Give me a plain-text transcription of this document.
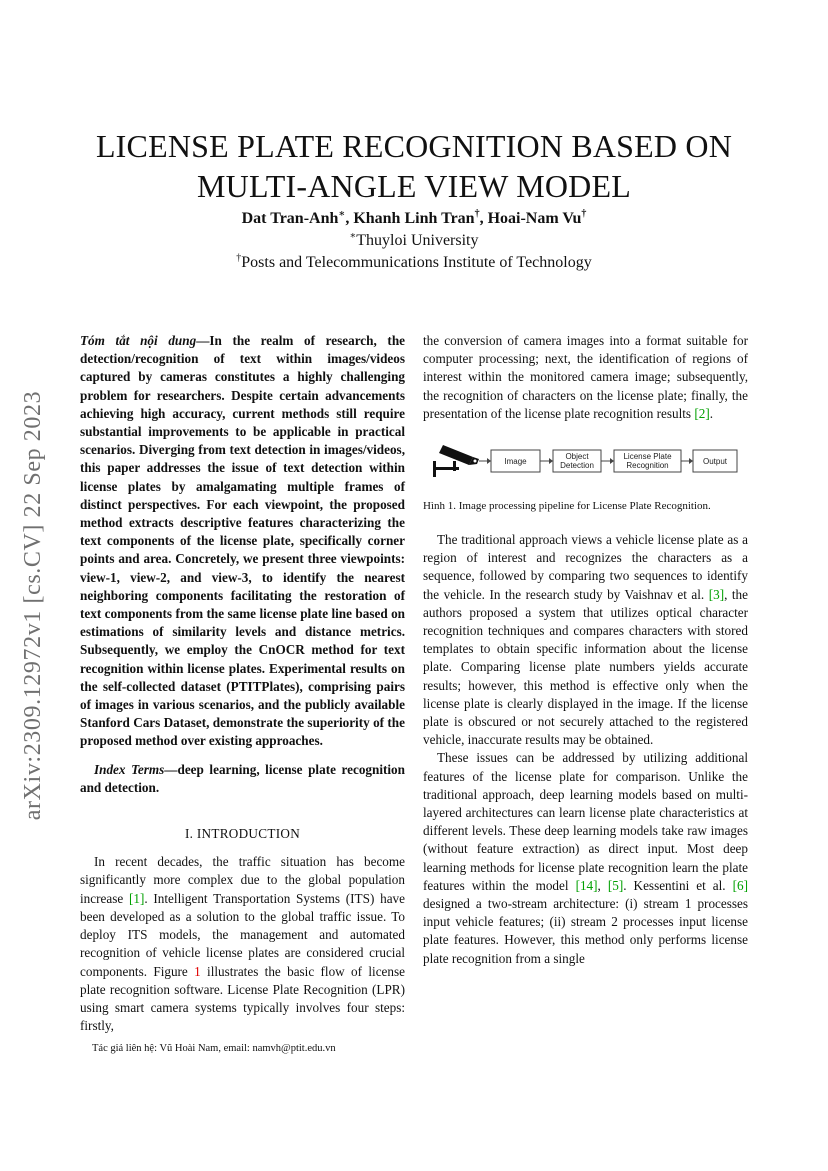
LICENSE PLATE RECOGNITION BASED ON
MULTI-ANGLE VIEW MODEL
Dat Tran-Anh∗, Khanh Linh Tran†, Hoai-Nam Vu†
∗Thuyloi University
†Posts and Telecommunications Institute of Technology
arXiv:2309.12972v1 [cs.CV] 22 Sep 2023

Tóm tắt nội dung—In the realm of research, the detection/recognition of text within images/videos captured by cameras constitutes a highly challenging problem for researchers. Despite certain advancements achieving high accuracy, current methods still require substantial improvements to be applicable in practical scenarios. Diverging from text detection in images/videos, this paper addresses the issue of text detection within license plates by amalgamating multiple frames of distinct perspectives. For each viewpoint, the proposed method extracts descriptive features characterizing the text components of the license plate, specifically corner points and area. Concretely, we present three viewpoints: view-1, view-2, and view-3, to identify the nearest neighboring components facilitating the restoration of text components from the same license plate line based on estimations of similarity levels and distance metrics. Subsequently, we employ the CnOCR method for text recognition within license plates. Experimental results on the self-collected dataset (PTITPlates), comprising pairs of images in various scenarios, and the publicly available Stanford Cars Dataset, demonstrate the superiority of the proposed method over existing approaches.

Index Terms—deep learning, license plate recognition and detection.

I. INTRODUCTION

In recent decades, the traffic situation has become significantly more complex due to the global population increase [1]. Intelligent Transportation Systems (ITS) have been developed as a solution to the global traffic issue. To deploy ITS models, the management and automated recognition of vehicle license plates are considered crucial components. Figure 1 illustrates the basic flow of license plate recognition software. License Plate Recognition (LPR) using smart camera systems typically involves four steps: firstly,

the conversion of camera images into a format suitable for computer processing; next, the identification of regions of interest within the monitored camera image; subsequently, the recognition of characters on the license plate; finally, the presentation of the license plate recognition results [2].

Image
Object
Detection
License Plate
Recognition	Output
Hình 1. Image processing pipeline for License Plate Recognition.

The traditional approach views a vehicle license plate as a region of interest and recognizes the characters as a sequence, followed by comparing two sequences to identify the vehicle. In the research study by Vaishnav et al. [3], the authors proposed a system that utilizes optical character recognition techniques and compares characters with stored templates to obtain specific information about the license plate. Comparing license plate numbers yields accurate results; however, this method is effective only when the license plate is clearly displayed in the image. If the license plate is obscured or not securely attached to the registered vehicle, inaccurate results may be obtained.

These issues can be addressed by utilizing additional features of the license plate for comparison. Unlike the traditional approach, deep learning models based on multi-layered architectures can learn license plate characteristics at different levels. These deep learning models take raw images (without feature extraction) as direct input. Most deep learning methods for license plate recognition learn the plate features within the model [14], [5]. Kessentini et al. [6] designed a two-stream architecture: (i) stream 1 processes input vehicle features; (ii) stream 2 processes input license plate features. However, this method only performs license plate recognition from a single

Tác giả liên hệ: Vũ Hoài Nam, email: namvh@ptit.edu.vn
